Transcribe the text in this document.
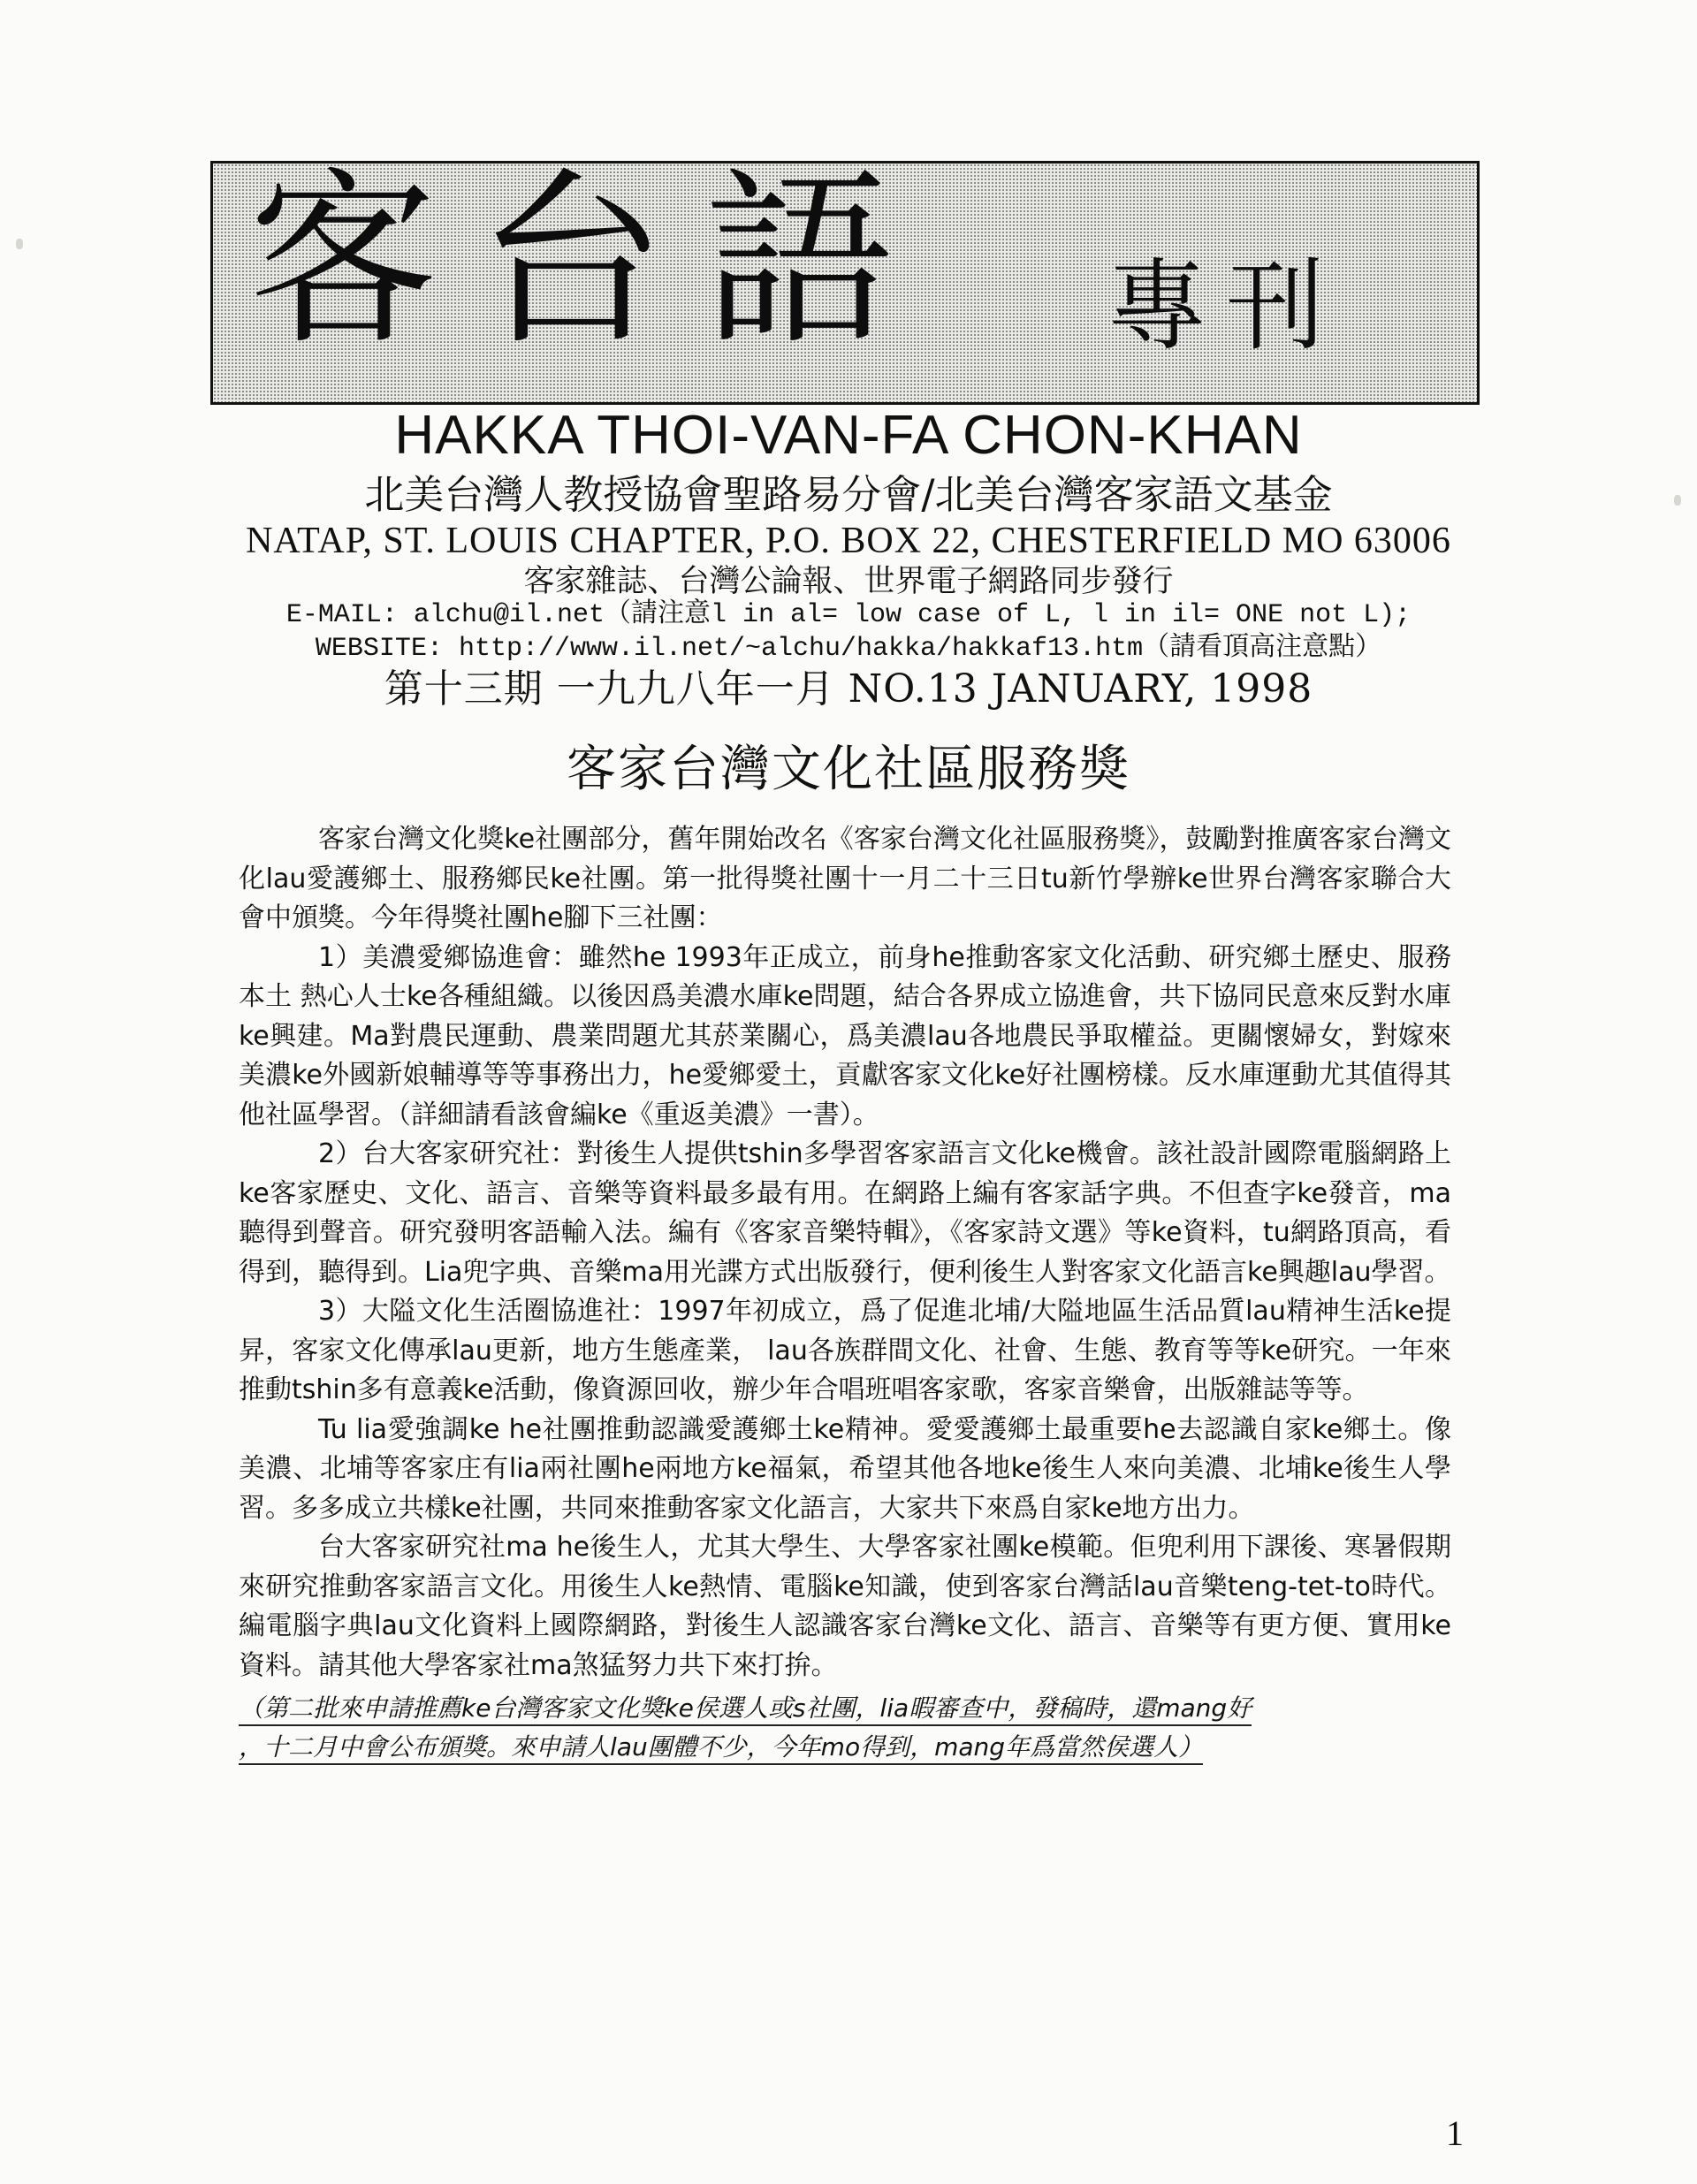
客台語 專刊
HAKKA THOI-VAN-FA CHON-KHAN
北美台灣人教授協會聖路易分會/北美台灣客家語文基金
NATAP, ST. LOUIS CHAPTER, P.O. BOX 22, CHESTERFIELD MO 63006
客家雜誌、台灣公論報、世界電子網路同步發行
E-MAIL: alchu@il.net（請注意l in al= low case of L, l in il= ONE not L);
WEBSITE: http://www.il.net/~alchu/hakka/hakkaf13.htm（請看頂高注意點）
第十三期 一九九八年一月 NO.13 JANUARY, 1998
客家台灣文化社區服務獎

客家台灣文化獎ke社團部分，舊年開始改名《客家台灣文化社區服務獎》，鼓勵對推廣客家台灣文化lau愛護鄉土、服務鄉民ke社團。第一批得獎社團十一月二十三日tu新竹學辦ke世界台灣客家聯合大會中頒獎。今年得獎社團he腳下三社團：

1）美濃愛鄉協進會：雖然he 1993年正成立，前身he推動客家文化活動、研究鄉土歷史、服務本土 熱心人士ke各種組織。以後因爲美濃水庫ke問題，結合各界成立協進會，共下協同民意來反對水庫ke興建。Ma對農民運動、農業問題尤其菸業關心，爲美濃lau各地農民爭取權益。更關懷婦女，對嫁來美濃ke外國新娘輔導等等事務出力，he愛鄉愛土，貢獻客家文化ke好社團榜樣。反水庫運動尤其值得其他社區學習。（詳細請看該會編ke《重返美濃》一書）。

2）台大客家研究社：對後生人提供tshin多學習客家語言文化ke機會。該社設計國際電腦網路上ke客家歷史、文化、語言、音樂等資料最多最有用。在網路上編有客家話字典。不但查字ke發音，ma聽得到聲音。研究發明客語輸入法。編有《客家音樂特輯》，《客家詩文選》等ke資料，tu網路頂高，看得到，聽得到。Lia兜字典、音樂ma用光諜方式出版發行，便利後生人對客家文化語言ke興趣lau學習。

3）大隘文化生活圈協進社：1997年初成立，爲了促進北埔/大隘地區生活品質lau精神生活ke提昇，客家文化傳承lau更新，地方生態產業， lau各族群間文化、社會、生態、教育等等ke研究。一年來推動tshin多有意義ke活動，像資源回收，辦少年合唱班唱客家歌，客家音樂會，出版雜誌等等。

Tu lia愛強調ke he社團推動認識愛護鄉土ke精神。愛愛護鄉土最重要he去認識自家ke鄉土。像美濃、北埔等客家庄有lia兩社團he兩地方ke福氣，希望其他各地ke後生人來向美濃、北埔ke後生人學習。多多成立共樣ke社團，共同來推動客家文化語言，大家共下來爲自家ke地方出力。

台大客家研究社ma he後生人，尤其大學生、大學客家社團ke模範。佢兜利用下課後、寒暑假期來研究推動客家語言文化。用後生人ke熱情、電腦ke知識，使到客家台灣話lau音樂teng-tet-to時代。編電腦字典lau文化資料上國際網路，對後生人認識客家台灣ke文化、語言、音樂等有更方便、實用ke資料。請其他大學客家社ma煞猛努力共下來打拚。

（第二批來申請推薦ke台灣客家文化獎ke侯選人或s社團，lia暇審查中，發稿時，還mang好
，十二月中會公布頒獎。來申請人lau團體不少，今年mo得到，mang年爲當然侯選人）
1
